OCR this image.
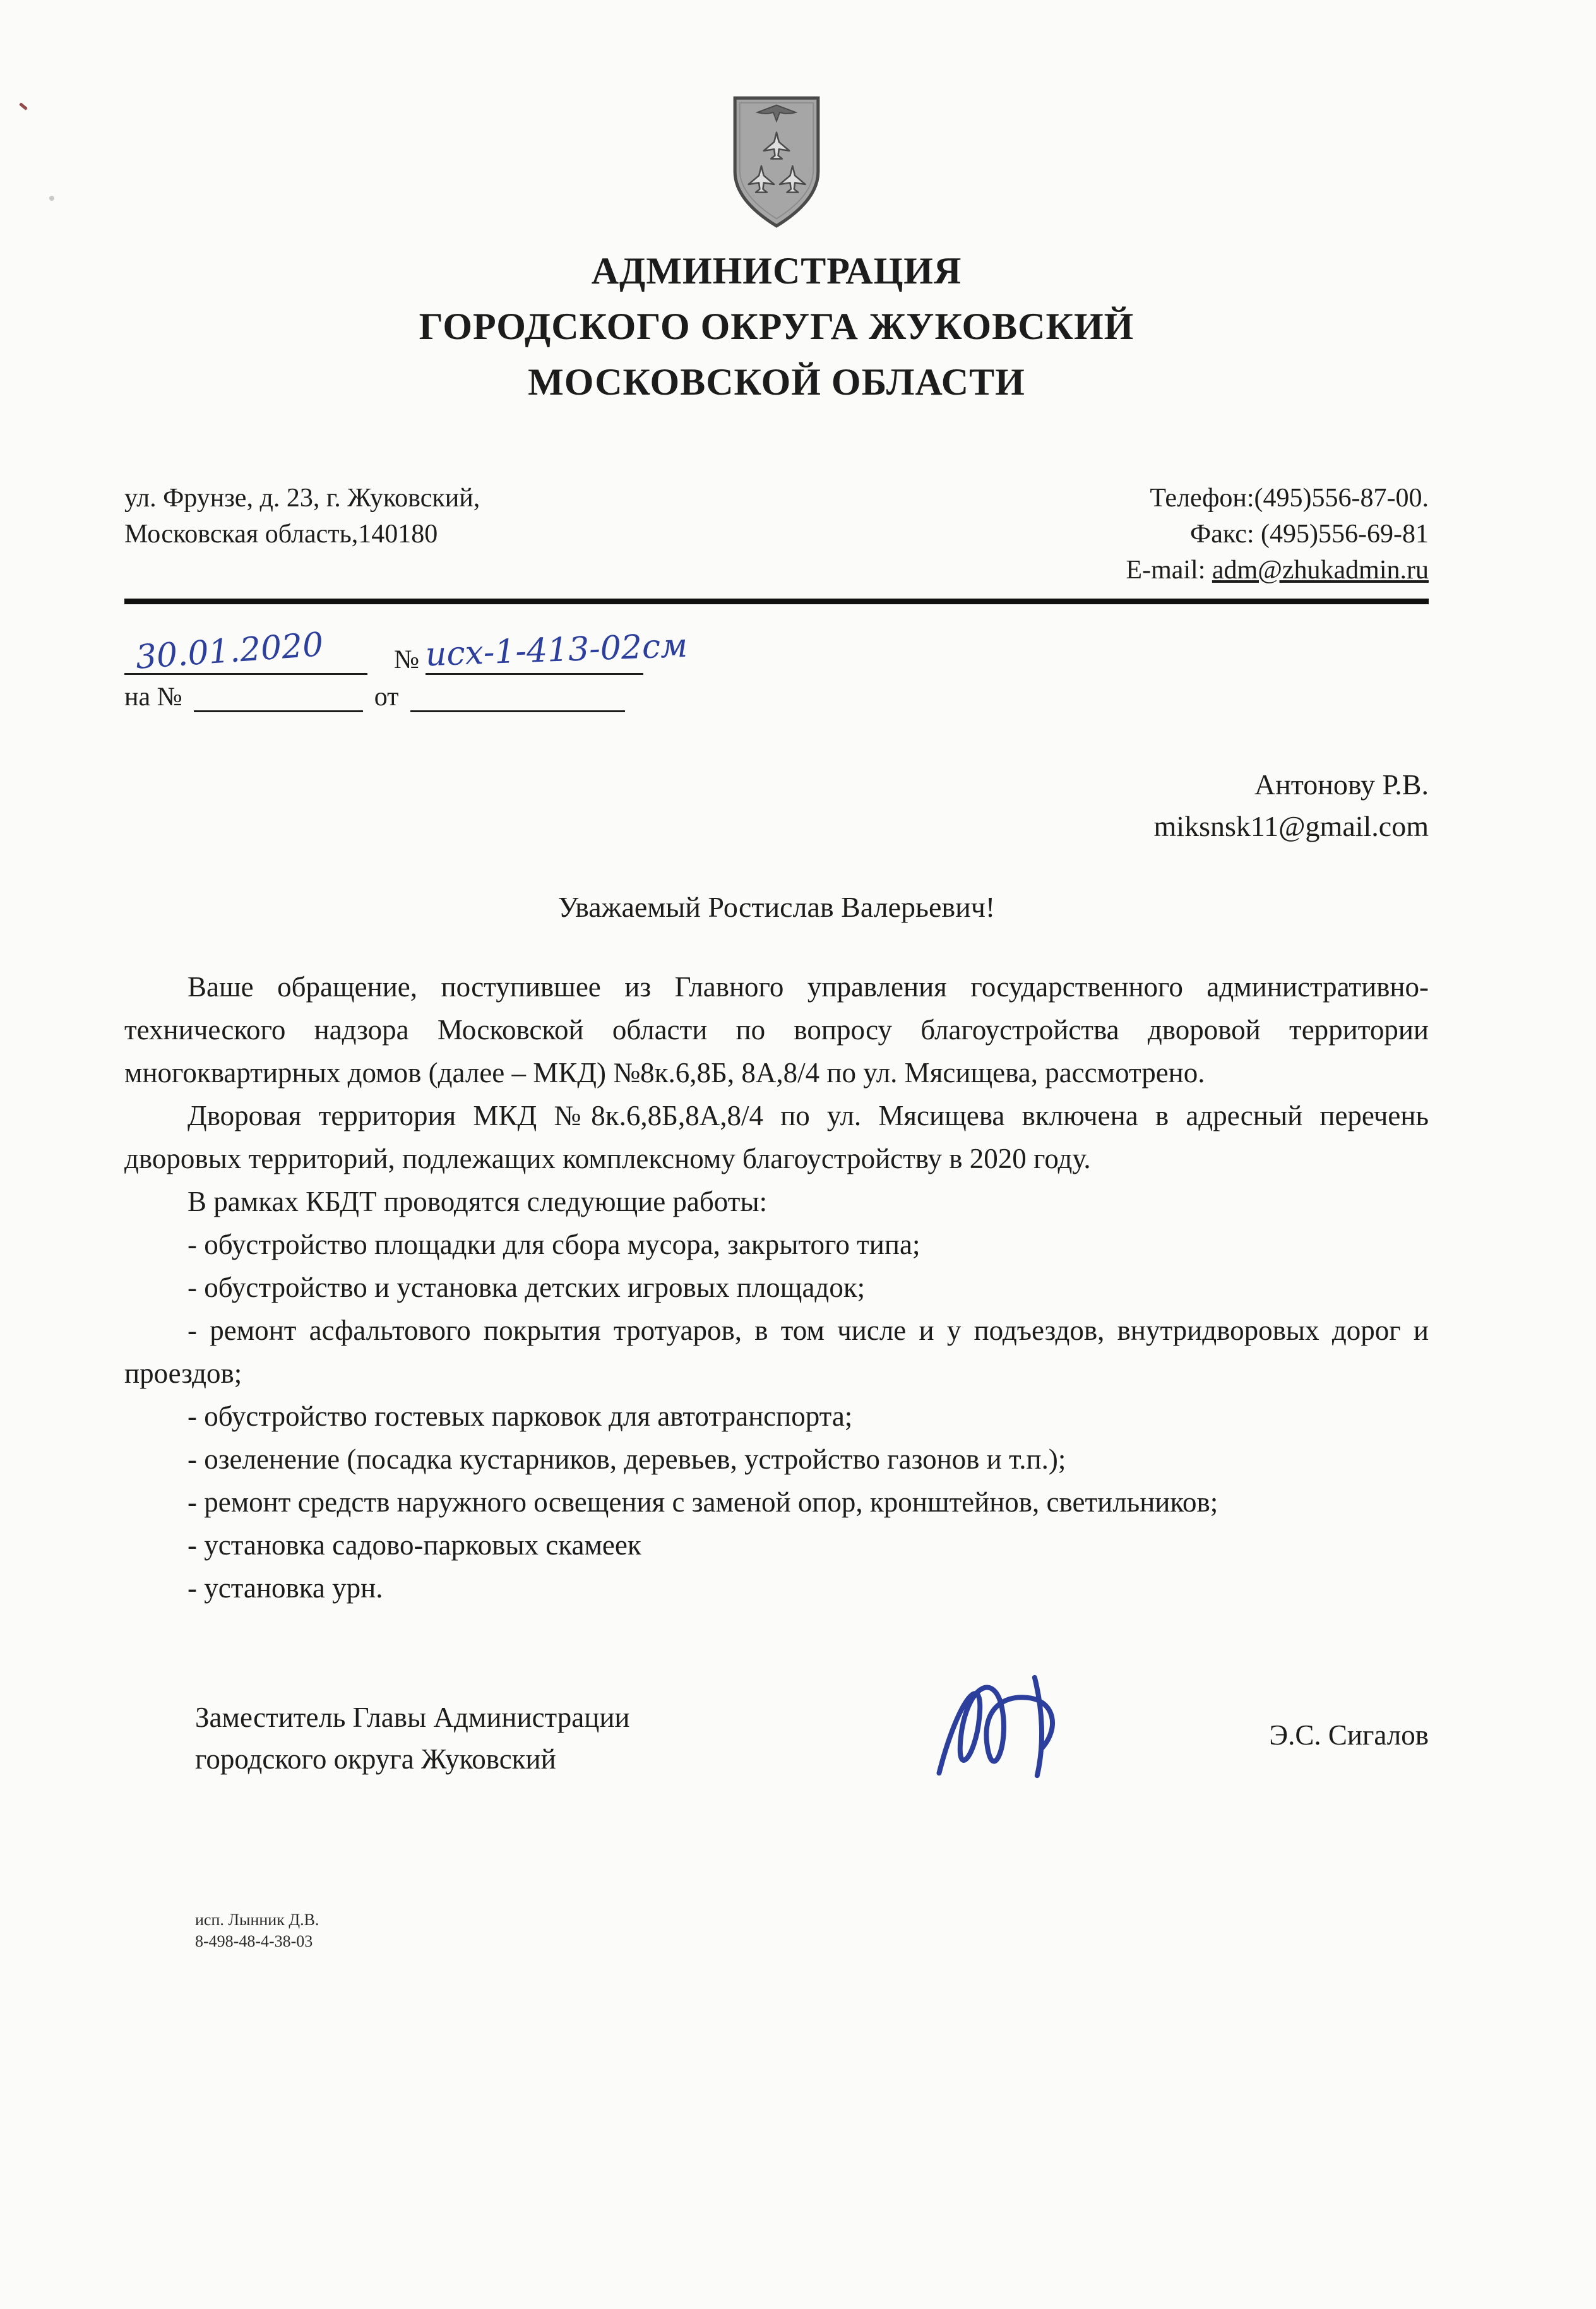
АДМИНИСТРАЦИЯ
ГОРОДСКОГО ОКРУГА ЖУКОВСКИЙ
МОСКОВСКОЙ ОБЛАСТИ
ул. Фрунзе, д. 23, г. Жуковский,
Московская область,140180
Телефон:(495)556-87-00.
Факс: (495)556-69-81
E-mail: adm@zhukadmin.ru
30.01.2020	№ исх-1-413-02см
на №	от
Антонову Р.В.
miksnsk11@gmail.com
Уважаемый Ростислав Валерьевич!

Ваше обращение, поступившее из Главного управления государственного административно-технического надзора Московской области по вопросу благоустройства дворовой территории многоквартирных домов (далее – МКД) №8к.6,8Б, 8А,8/4 по ул. Мясищева, рассмотрено.

Дворовая территория МКД №8к.6,8Б,8А,8/4 по ул. Мясищева включена в адресный перечень дворовых территорий, подлежащих комплексному благоустройству в 2020 году.

В рамках КБДТ проводятся следующие работы:

- обустройство площадки для сбора мусора, закрытого типа;

- обустройство и установка детских игровых площадок;

- ремонт асфальтового покрытия тротуаров, в том числе и у подъездов, внутридворовых дорог и проездов;

- обустройство гостевых парковок для автотранспорта;

- озеленение (посадка кустарников, деревьев, устройство газонов и т.п.);

- ремонт средств наружного освещения с заменой опор, кронштейнов, светильников;

- установка садово-парковых скамеек

- установка урн.

Заместитель Главы Администрации
городского округа Жуковский
Э.С. Сигалов
исп. Лынник Д.В.
8-498-48-4-38-03
